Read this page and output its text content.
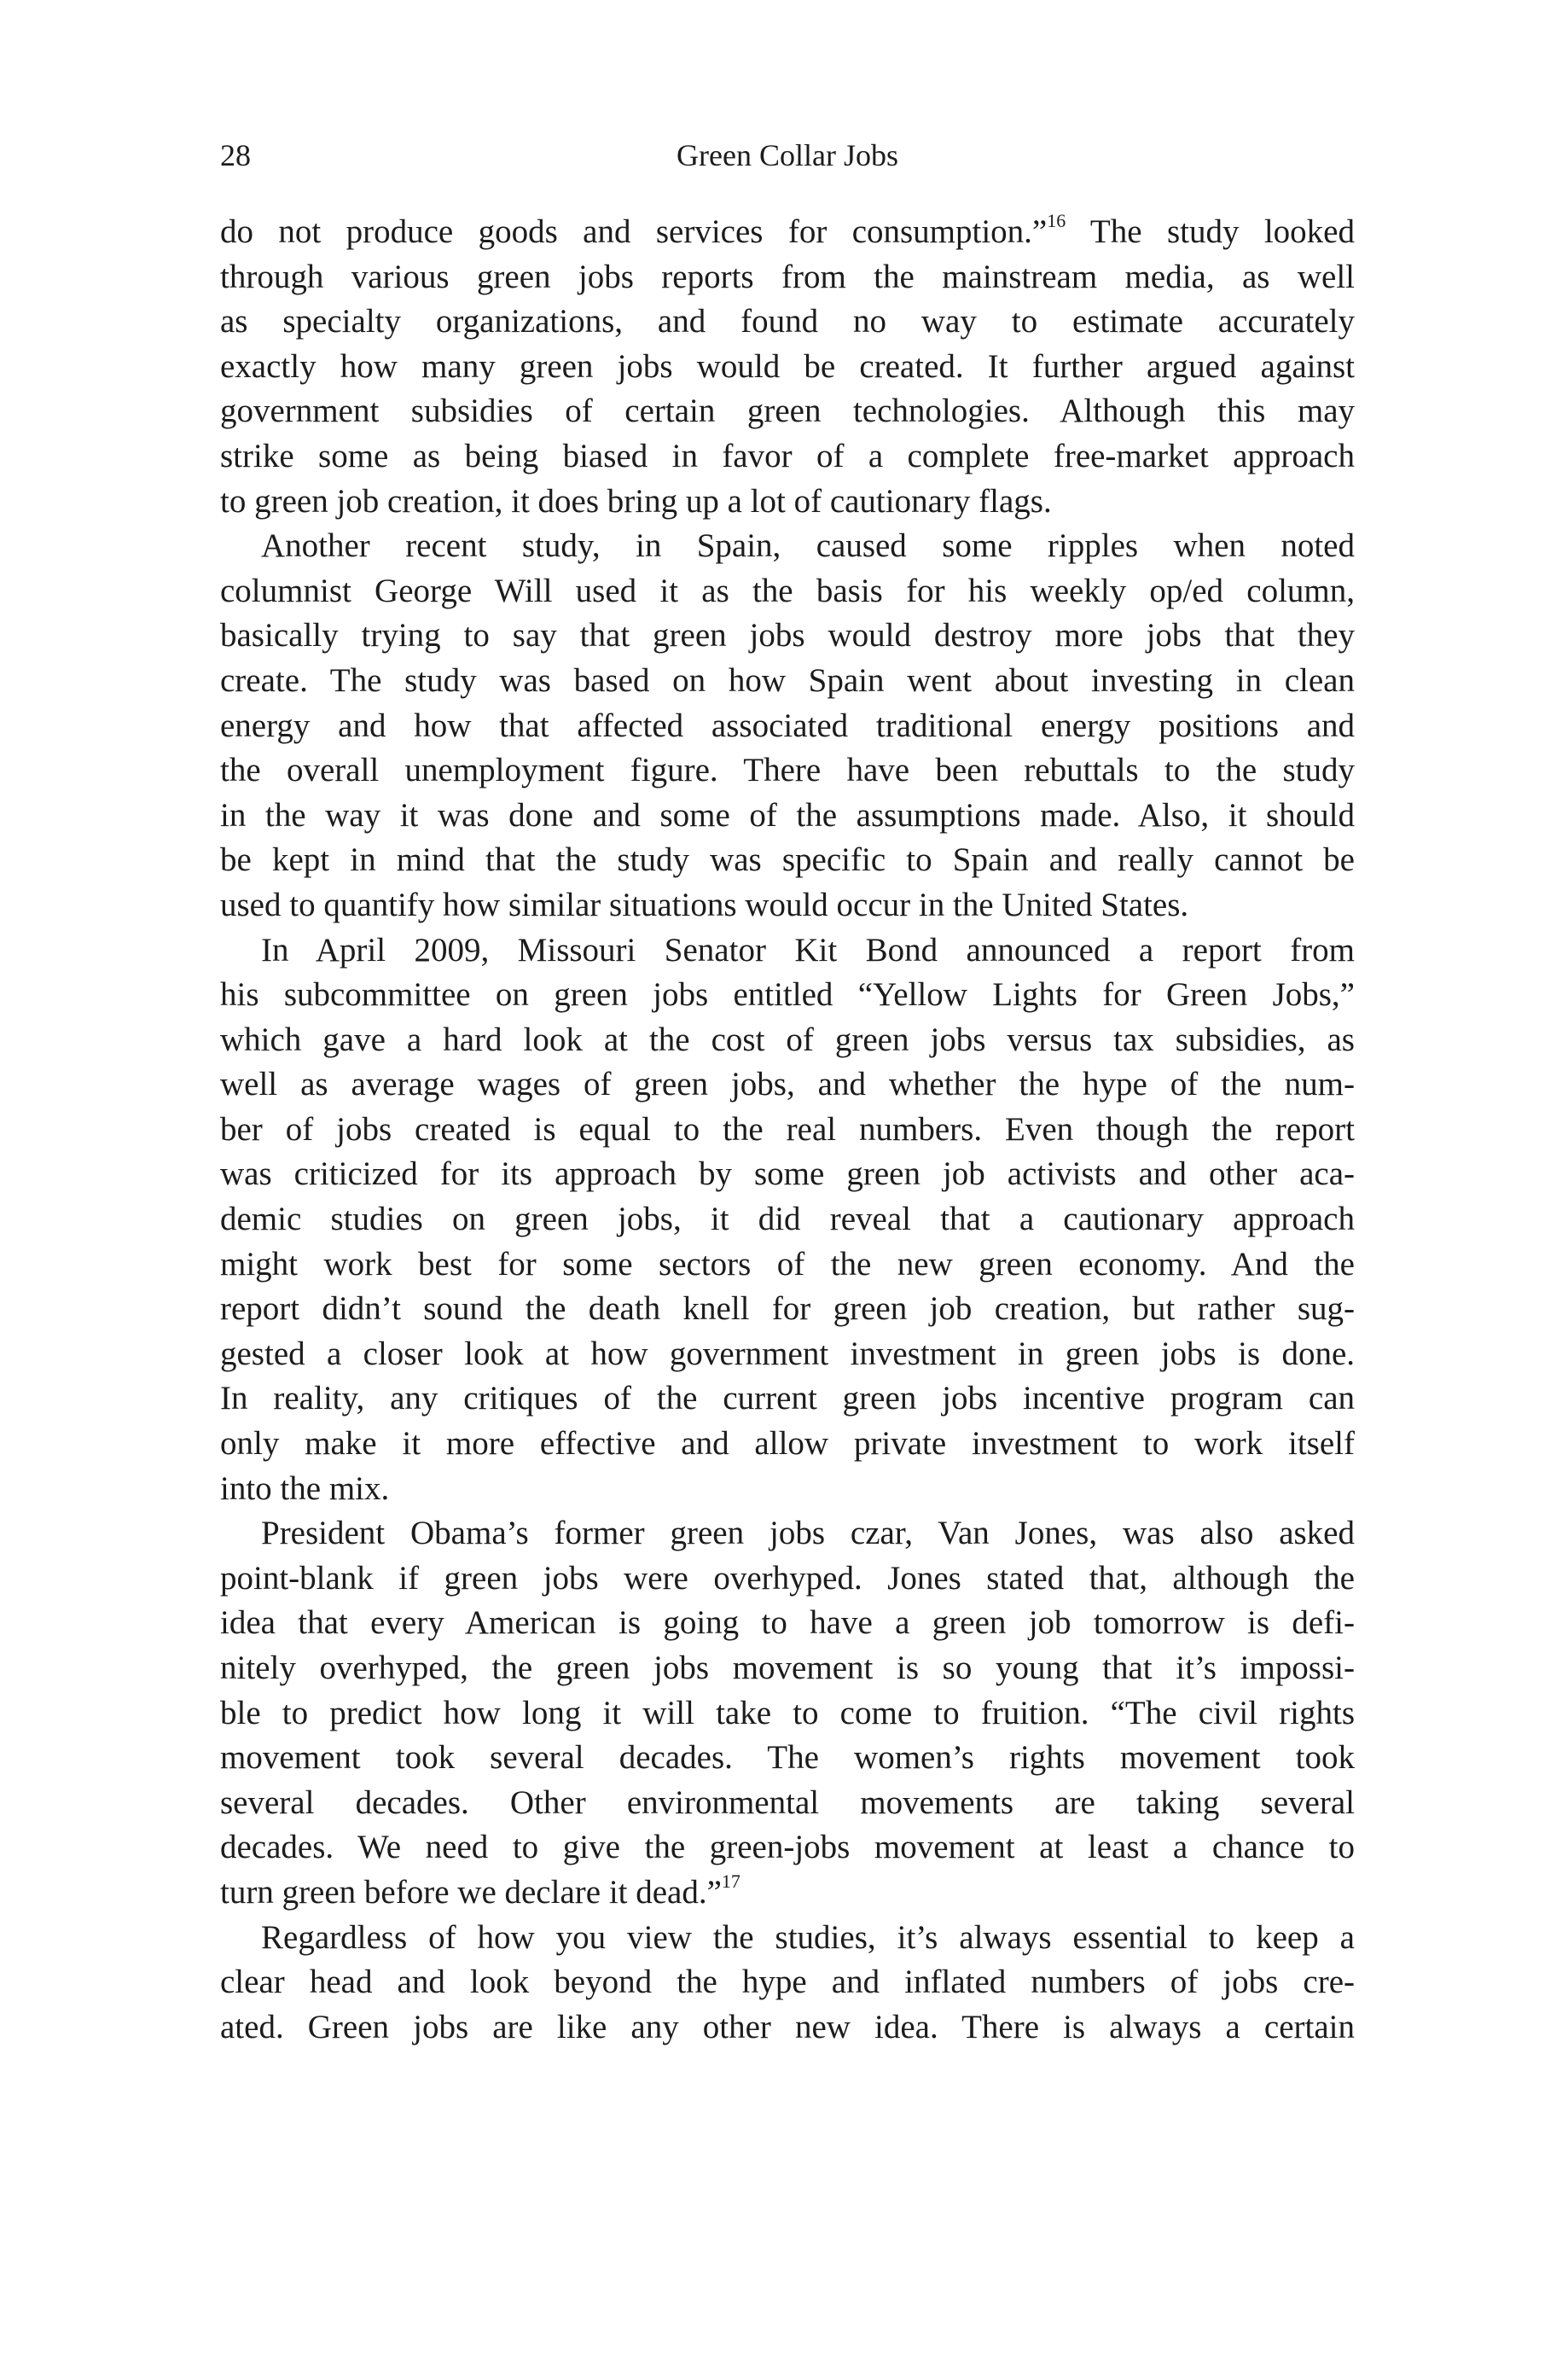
28	Green Collar Jobs
do not produce goods and services for consumption.”$^{16}$ The study looked
through various green jobs reports from the mainstream media, as well
as specialty organizations, and found no way to estimate accurately
exactly how many green jobs would be created. It further argued against
government subsidies of certain green technologies. Although this may
strike some as being biased in favor of a complete free-market approach
to green job creation, it does bring up a lot of cautionary flags.
Another recent study, in Spain, caused some ripples when noted
columnist George Will used it as the basis for his weekly op/ed column,
basically trying to say that green jobs would destroy more jobs that they
create. The study was based on how Spain went about investing in clean
energy and how that affected associated traditional energy positions and
the overall unemployment figure. There have been rebuttals to the study
in the way it was done and some of the assumptions made. Also, it should
be kept in mind that the study was specific to Spain and really cannot be
used to quantify how similar situations would occur in the United States.
In April 2009, Missouri Senator Kit Bond announced a report from
his subcommittee on green jobs entitled “Yellow Lights for Green Jobs,”
which gave a hard look at the cost of green jobs versus tax subsidies, as
well as average wages of green jobs, and whether the hype of the num-
ber of jobs created is equal to the real numbers. Even though the report
was criticized for its approach by some green job activists and other aca-
demic studies on green jobs, it did reveal that a cautionary approach
might work best for some sectors of the new green economy. And the
report didn’t sound the death knell for green job creation, but rather sug-
gested a closer look at how government investment in green jobs is done.
In reality, any critiques of the current green jobs incentive program can
only make it more effective and allow private investment to work itself
into the mix.
President Obama’s former green jobs czar, Van Jones, was also asked
point-blank if green jobs were overhyped. Jones stated that, although the
idea that every American is going to have a green job tomorrow is defi-
nitely overhyped, the green jobs movement is so young that it’s impossi-
ble to predict how long it will take to come to fruition. “The civil rights
movement took several decades. The women’s rights movement took
several decades. Other environmental movements are taking several
decades. We need to give the green-jobs movement at least a chance to
turn green before we declare it dead.”$^{17}$
Regardless of how you view the studies, it’s always essential to keep a
clear head and look beyond the hype and inflated numbers of jobs cre-
ated. Green jobs are like any other new idea. There is always a certain
